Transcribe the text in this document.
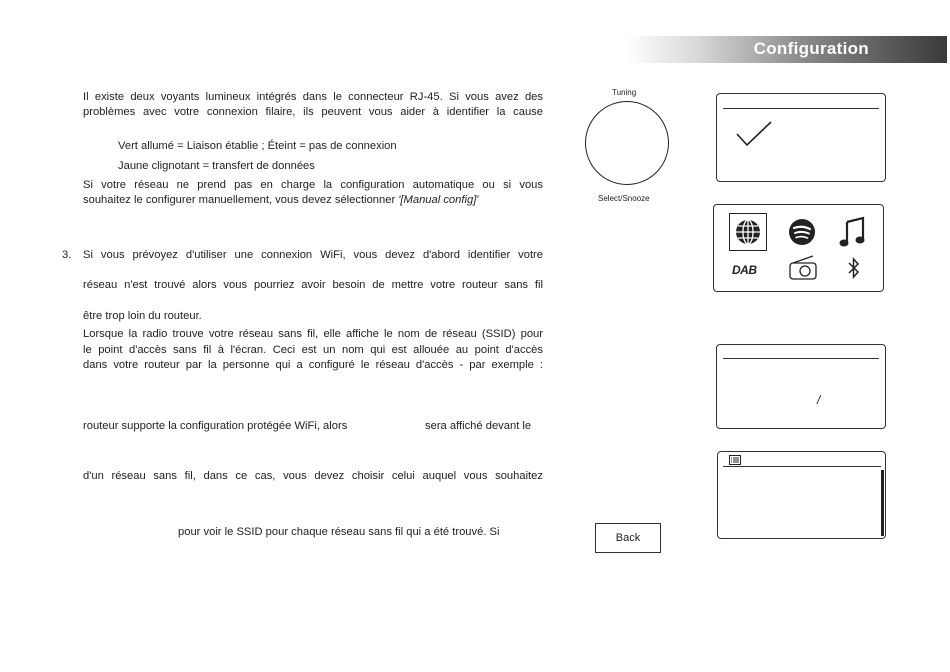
Configuration
Il existe deux voyants lumineux intégrés dans le connecteur RJ-45. Si vous avez des
problèmes avec votre connexion filaire, ils peuvent vous aider à identifier la cause
Vert allumé = Liaison établie ; Éteint = pas de connexion
Jaune clignotant = transfert de données
Si votre réseau ne prend pas en charge la configuration automatique ou si vous
souhaitez le configurer manuellement, vous devez sélectionner '[Manual config]'
3. Si vous prévoyez d'utiliser une connexion WiFi, vous devez d'abord identifier votre
réseau n'est trouvé alors vous pourriez avoir besoin de mettre votre routeur sans fil
être trop loin du routeur.
Lorsque la radio trouve votre réseau sans fil, elle affiche le nom de réseau (SSID) pour
le point d'accès sans fil à l'écran. Ceci est un nom qui est allouée au point d'accès
dans votre routeur par la personne qui a configuré le réseau d'accès - par exemple :
routeur supporte la configuration protégée WiFi, alors	sera affiché devant le
d'un réseau sans fil, dans ce cas, vous devez choisir celui auquel vous souhaitez
pour voir le SSID pour chaque réseau sans fil qui a été trouvé. Si
Tuning
Select/Snooze
DAB
/
Back
